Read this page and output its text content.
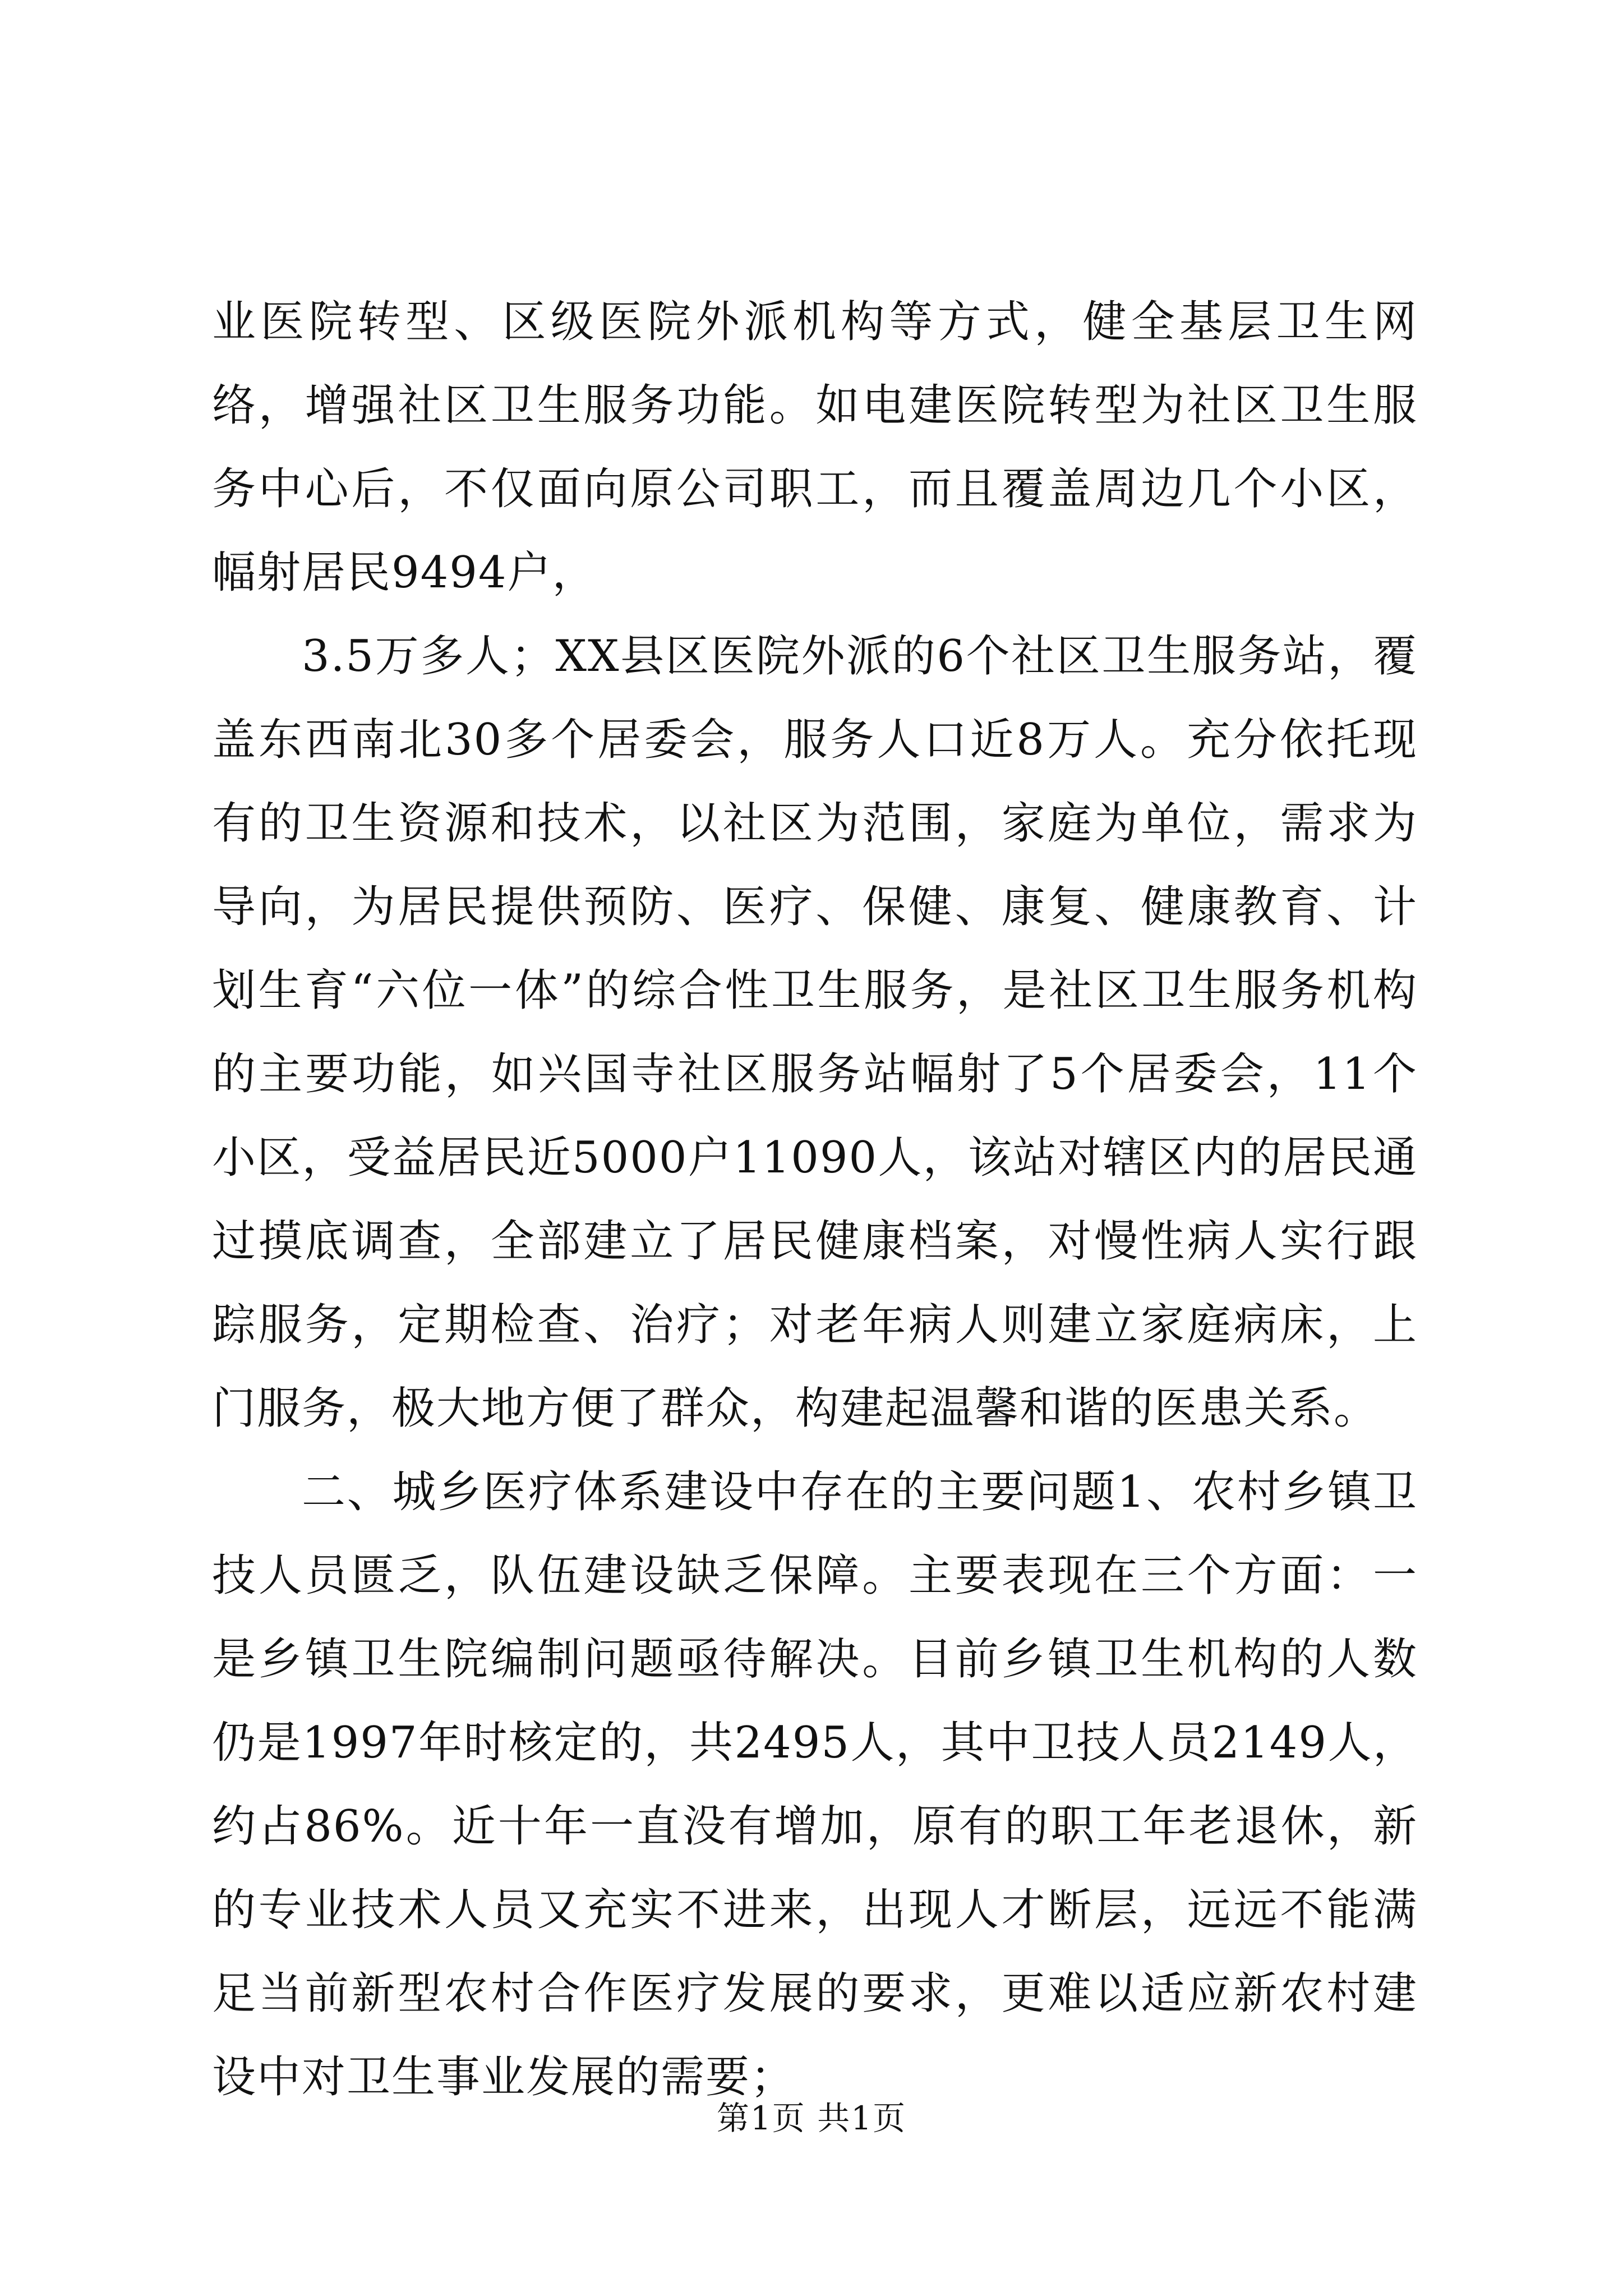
业医院转型、区级医院外派机构等方式，健全基层卫生网络，增强社区卫生服务功能。如电建医院转型为社区卫生服务中心后，不仅面向原公司职工，而且覆盖周边几个小区，幅射居民9494户，

3.5万多人；XX县区医院外派的6个社区卫生服务站，覆盖东西南北30多个居委会，服务人口近8万人。充分依托现有的卫生资源和技术，以社区为范围，家庭为单位，需求为导向，为居民提供预防、医疗、保健、康复、健康教育、计划生育“六位一体”的综合性卫生服务，是社区卫生服务机构的主要功能，如兴国寺社区服务站幅射了5个居委会，11个小区，受益居民近5000户11090人，该站对辖区内的居民通过摸底调查，全部建立了居民健康档案，对慢性病人实行跟踪服务，定期检查、治疗；对老年病人则建立家庭病床，上门服务，极大地方便了群众，构建起温馨和谐的医患关系。

二、城乡医疗体系建设中存在的主要问题1、农村乡镇卫技人员匮乏，队伍建设缺乏保障。主要表现在三个方面：一是乡镇卫生院编制问题亟待解决。目前乡镇卫生机构的人数仍是1997年时核定的，共2495人，其中卫技人员2149人，约占86%。近十年一直没有增加，原有的职工年老退休，新的专业技术人员又充实不进来，出现人才断层，远远不能满足当前新型农村合作医疗发展的要求，更难以适应新农村建设中对卫生事业发展的需要；

第1页 共1页
